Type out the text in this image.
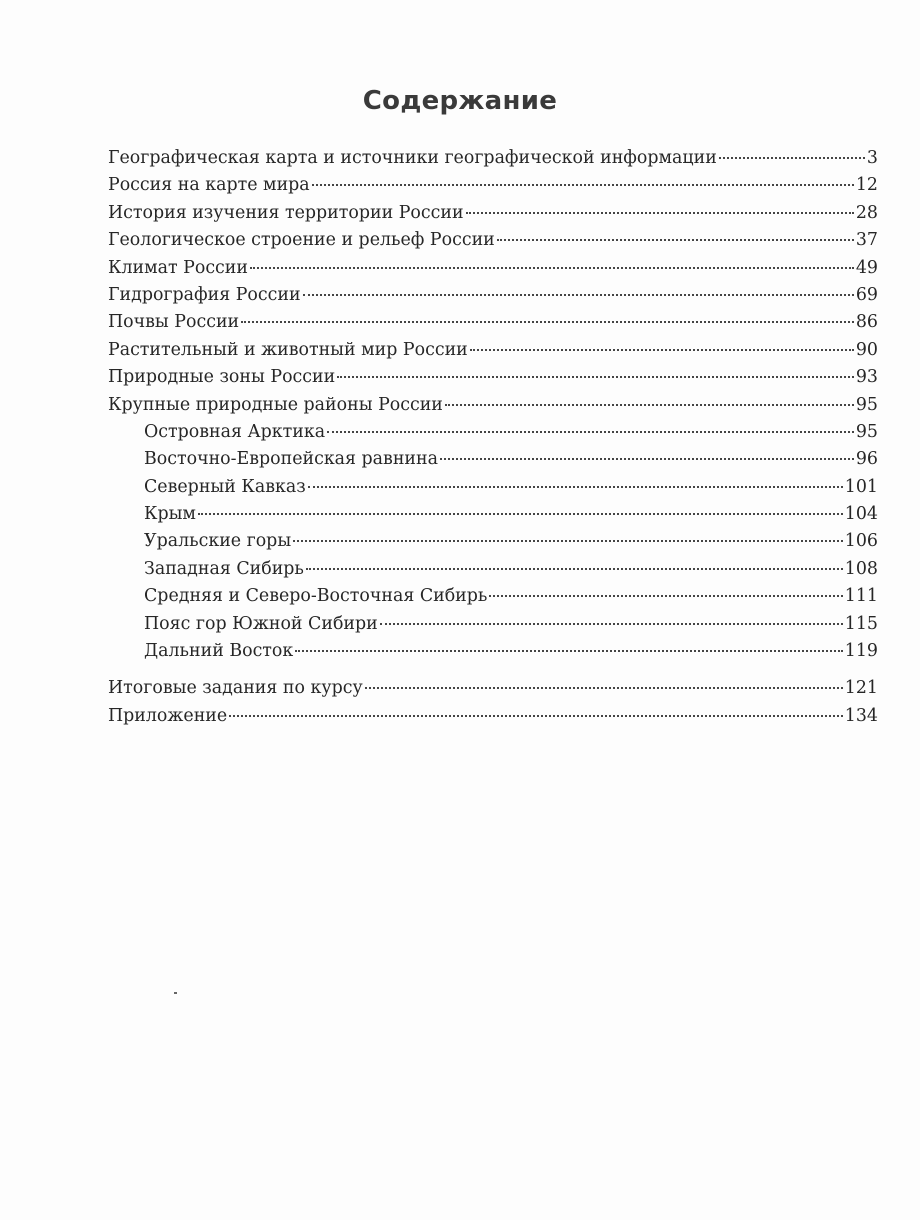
Содержание
Географическая карта и источники географической информации	3
Россия на карте мира	12
История изучения территории России	28
Геологическое строение и рельеф России	37
Климат России	49
Гидрография России	69
Почвы России	86
Растительный и животный мир России	90
Природные зоны России	93
Крупные природные районы России	95
Островная Арктика	95
Восточно-Европейская равнина	96
Северный Кавказ	101
Крым	104
Уральские горы	106
Западная Сибирь	108
Средняя и Северо-Восточная Сибирь	111
Пояс гор Южной Сибири	115
Дальний Восток	119
Итоговые задания по курсу	121
Приложение	134
